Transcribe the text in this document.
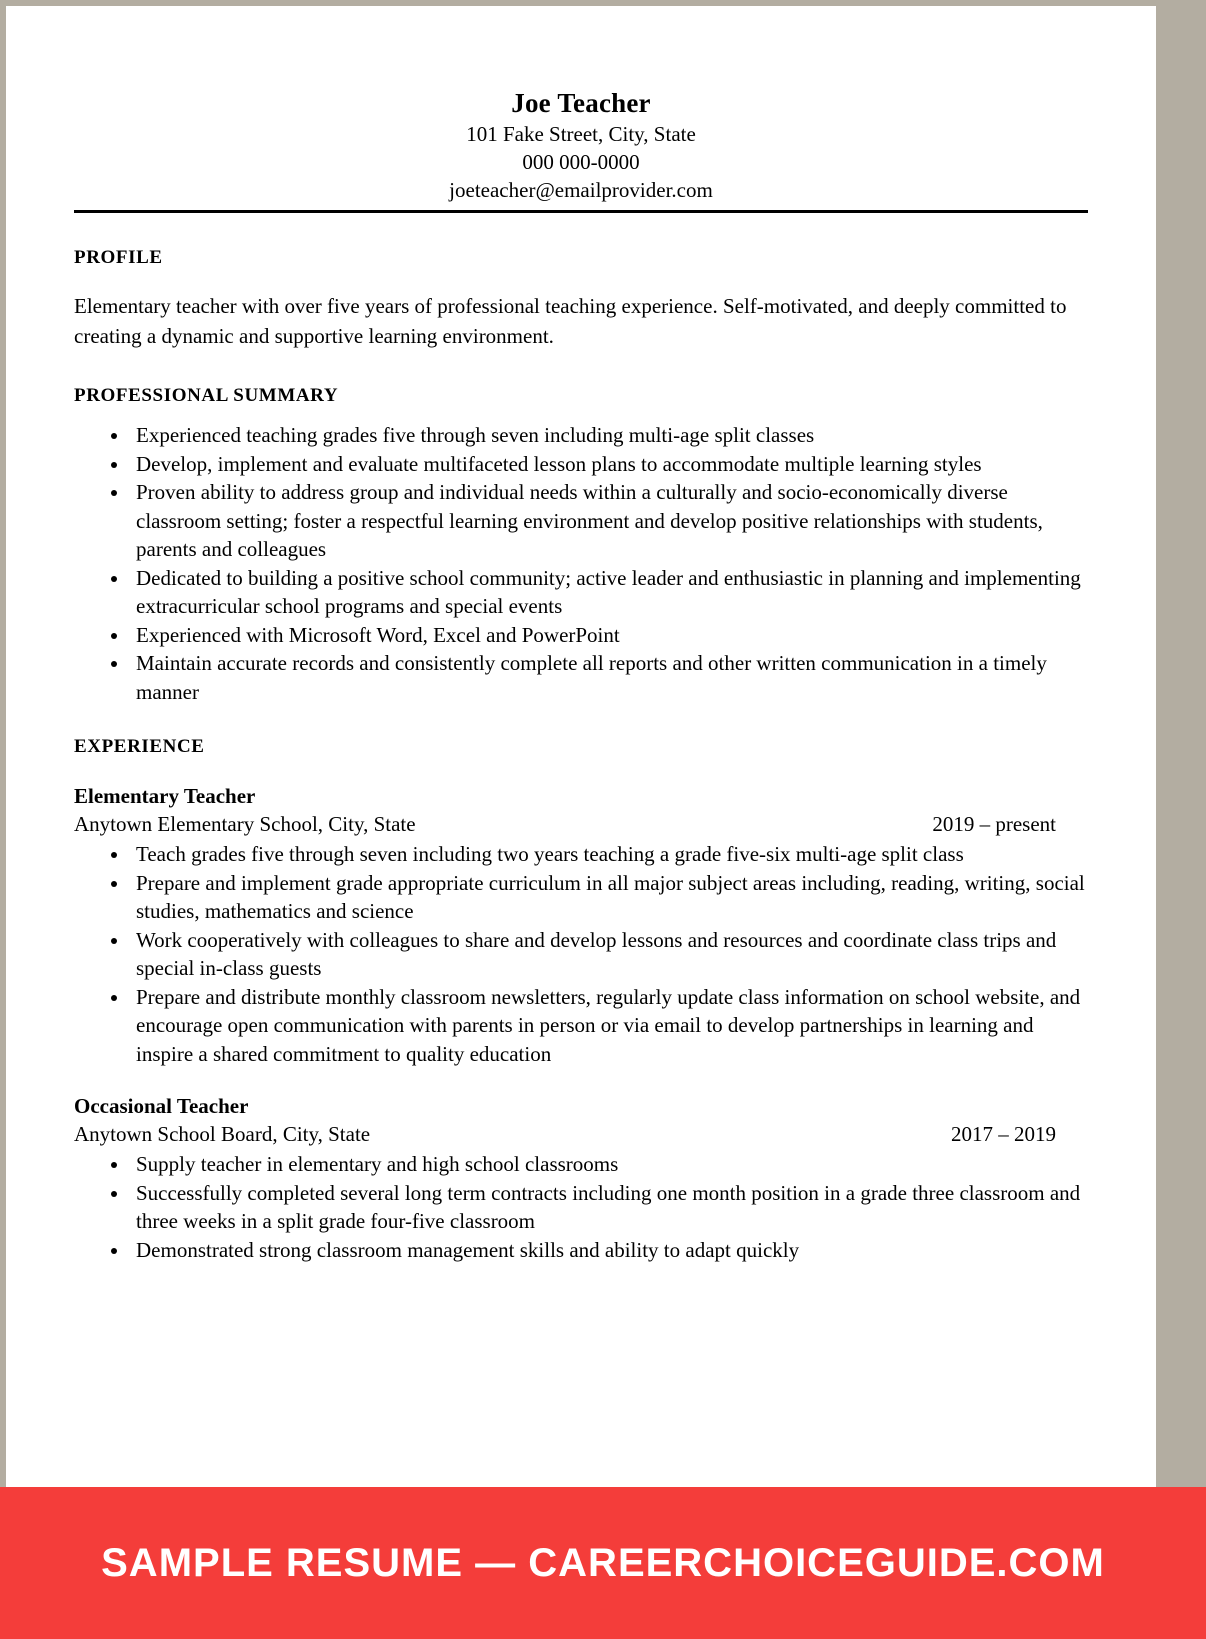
Joe Teacher

101 Fake Street, City, State

000 000-0000

joeteacher@emailprovider.com

PROFILE

Elementary teacher with over five years of professional teaching experience. Self-motivated, and deeply committed to creating a dynamic and supportive learning environment.

PROFESSIONAL SUMMARY
• Experienced teaching grades five through seven including multi-age split classes
• Develop, implement and evaluate multifaceted lesson plans to accommodate multiple learning styles
• Proven ability to address group and individual needs within a culturally and socio-economically diverse classroom setting; foster a respectful learning environment and develop positive relationships with students, parents and colleagues
• Dedicated to building a positive school community; active leader and enthusiastic in planning and implementing extracurricular school programs and special events
• Experienced with Microsoft Word, Excel and PowerPoint
• Maintain accurate records and consistently complete all reports and other written communication in a timely manner
EXPERIENCE

Elementary Teacher

Anytown Elementary School, City, State	2019 – present
• Teach grades five through seven including two years teaching a grade five-six multi-age split class
• Prepare and implement grade appropriate curriculum in all major subject areas including, reading, writing, social studies, mathematics and science
• Work cooperatively with colleagues to share and develop lessons and resources and coordinate class trips and special in-class guests
• Prepare and distribute monthly classroom newsletters, regularly update class information on school website, and encourage open communication with parents in person or via email to develop partnerships in learning and inspire a shared commitment to quality education

Occasional Teacher

Anytown School Board, City, State	2017 – 2019
• Supply teacher in elementary and high school classrooms
• Successfully completed several long term contracts including one month position in a grade three classroom and three weeks in a split grade four-five classroom
• Demonstrated strong classroom management skills and ability to adapt quickly
SAMPLE RESUME — CAREERCHOICEGUIDE.COM
